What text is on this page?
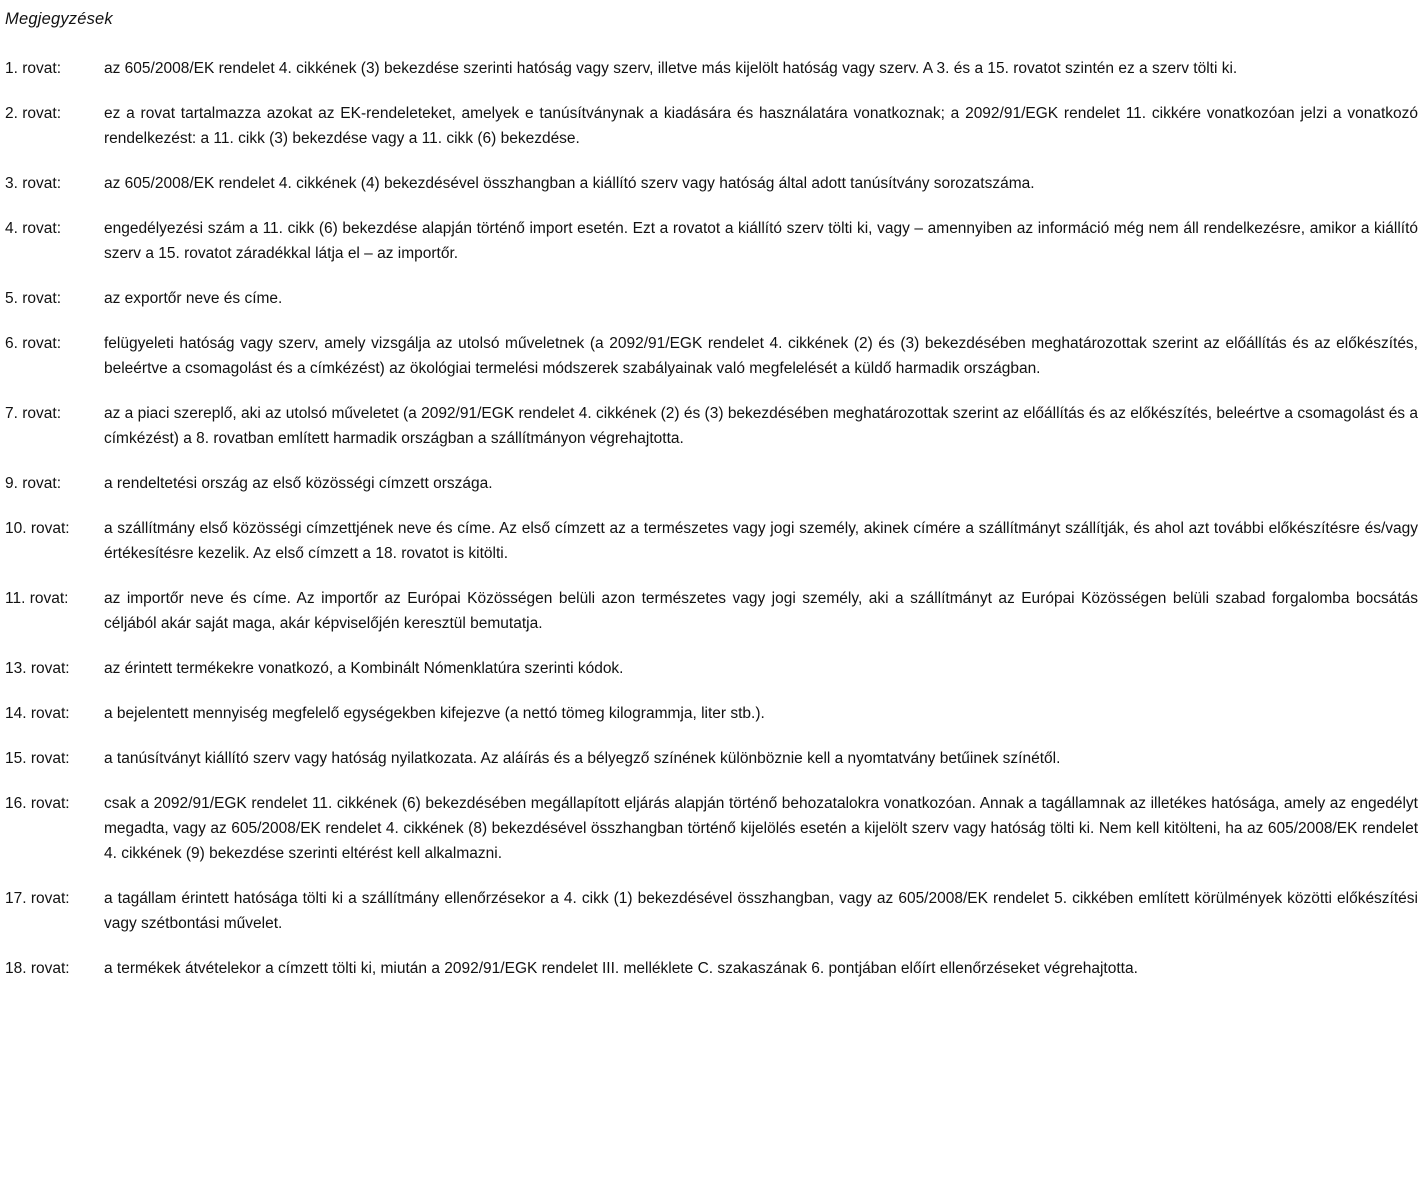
Megjegyzések
1. rovat:	az 605/2008/EK rendelet 4. cikkének (3) bekezdése szerinti hatóság vagy szerv, illetve más kijelölt hatóság vagy szerv. A 3. és a 15. rovatot szintén ez a szerv tölti ki.
2. rovat:	ez a rovat tartalmazza azokat az EK-rendeleteket, amelyek e tanúsítványnak a kiadására és használatára vonatkoznak; a 2092/91/EGK rendelet 11. cikkére vonatkozóan jelzi a vonatkozó rendelkezést: a 11. cikk (3) bekezdése vagy a 11. cikk (6) bekezdése.
3. rovat:	az 605/2008/EK rendelet 4. cikkének (4) bekezdésével összhangban a kiállító szerv vagy hatóság által adott tanúsítvány sorozatszáma.
4. rovat:	engedélyezési szám a 11. cikk (6) bekezdése alapján történő import esetén. Ezt a rovatot a kiállító szerv tölti ki, vagy – amennyiben az információ még nem áll rendelkezésre, amikor a kiállító szerv a 15. rovatot záradékkal látja el – az importőr.
5. rovat:	az exportőr neve és címe.
6. rovat:	felügyeleti hatóság vagy szerv, amely vizsgálja az utolsó műveletnek (a 2092/91/EGK rendelet 4. cikkének (2) és (3) bekezdésében meghatározottak szerint az előállítás és az előkészítés, beleértve a csomagolást és a címkézést) az ökológiai termelési módszerek szabályainak való megfelelését a küldő harmadik országban.
7. rovat:	az a piaci szereplő, aki az utolsó műveletet (a 2092/91/EGK rendelet 4. cikkének (2) és (3) bekezdésében meghatározottak szerint az előállítás és az előkészítés, beleértve a csomagolást és a címkézést) a 8. rovatban említett harmadik országban a szállítmányon végrehajtotta.
9. rovat:	a rendeltetési ország az első közösségi címzett országa.
10. rovat:	a szállítmány első közösségi címzettjének neve és címe. Az első címzett az a természetes vagy jogi személy, akinek címére a szállítmányt szállítják, és ahol azt további előkészítésre és/vagy értékesítésre kezelik. Az első címzett a 18. rovatot is kitölti.
11. rovat:	az importőr neve és címe. Az importőr az Európai Közösségen belüli azon természetes vagy jogi személy, aki a szállítmányt az Európai Közösségen belüli szabad forgalomba bocsátás céljából akár saját maga, akár képviselőjén keresztül bemutatja.
13. rovat:	az érintett termékekre vonatkozó, a Kombinált Nómenklatúra szerinti kódok.
14. rovat:	a bejelentett mennyiség megfelelő egységekben kifejezve (a nettó tömeg kilogrammja, liter stb.).
15. rovat:	a tanúsítványt kiállító szerv vagy hatóság nyilatkozata. Az aláírás és a bélyegző színének különböznie kell a nyomtatvány betűinek színétől.
16. rovat:	csak a 2092/91/EGK rendelet 11. cikkének (6) bekezdésében megállapított eljárás alapján történő behozatalokra vonatkozóan. Annak a tagállamnak az illetékes hatósága, amely az engedélyt megadta, vagy az 605/2008/EK rendelet 4. cikkének (8) bekezdésével összhangban történő kijelölés esetén a kijelölt szerv vagy hatóság tölti ki. Nem kell kitölteni, ha az 605/2008/EK rendelet 4. cikkének (9) bekezdése szerinti eltérést kell alkalmazni.
17. rovat:	a tagállam érintett hatósága tölti ki a szállítmány ellenőrzésekor a 4. cikk (1) bekezdésével összhangban, vagy az 605/2008/EK rendelet 5. cikkében említett körülmények közötti előkészítési vagy szétbontási művelet.
18. rovat:	a termékek átvételekor a címzett tölti ki, miután a 2092/91/EGK rendelet III. melléklete C. szakaszának 6. pontjában előírt ellenőrzéseket végrehajtotta.
